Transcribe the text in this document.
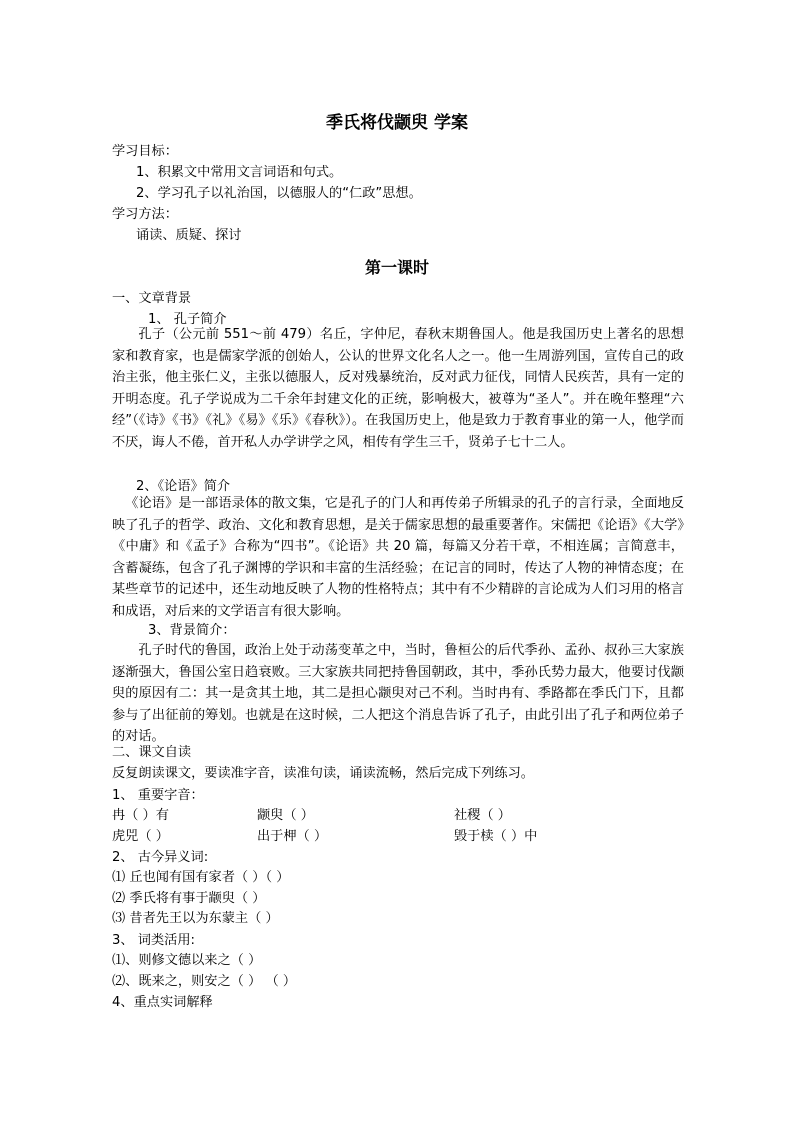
季氏将伐颛臾 学案
学习目标：
1、积累文中常用文言词语和句式。
2、学习孔子以礼治国，以德服人的“仁政”思想。
学习方法：
诵读、质疑、探讨
第一课时
一、文章背景
1、 孔子简介
孔子（公元前 551～前 479）名丘，字仲尼，春秋末期鲁国人。他是我国历史上著名的思想家和教育家，也是儒家学派的创始人，公认的世界文化名人之一。他一生周游列国，宣传自己的政治主张，他主张仁义，主张以德服人，反对残暴统治，反对武力征伐，同情人民疾苦，具有一定的开明态度。孔子学说成为二千余年封建文化的正统，影响极大，被尊为“圣人”。并在晚年整理“六经”（《诗》《书》《礼》《易》《乐》《春秋》）。在我国历史上，他是致力于教育事业的第一人，他学而不厌，诲人不倦，首开私人办学讲学之风，相传有学生三千，贤弟子七十二人。
2、《论语》简介
《论语》是一部语录体的散文集，它是孔子的门人和再传弟子所辑录的孔子的言行录，全面地反映了孔子的哲学、政治、文化和教育思想，是关于儒家思想的最重要著作。宋儒把《论语》《大学》《中庸》和《孟子》合称为“四书”。《论语》共 20 篇，每篇又分若干章，不相连属；言简意丰，含蓄凝练，包含了孔子渊博的学识和丰富的生活经验；在记言的同时，传达了人物的神情态度；在某些章节的记述中，还生动地反映了人物的性格特点；其中有不少精辟的言论成为人们习用的格言和成语，对后来的文学语言有很大影响。
3、背景简介：
孔子时代的鲁国，政治上处于动荡变革之中，当时，鲁桓公的后代季孙、孟孙、叔孙三大家族逐渐强大，鲁国公室日趋衰败。三大家族共同把持鲁国朝政，其中，季孙氏势力最大，他要讨伐颛臾的原因有二：其一是贪其土地，其二是担心颛臾对己不利。当时冉有、季路都在季氏门下，且都参与了出征前的筹划。也就是在这时候，二人把这个消息告诉了孔子，由此引出了孔子和两位弟子的对话。
二、课文自读
反复朗读课文，要读准字音，读准句读，诵读流畅，然后完成下列练习。
1、 重要字音：
冉（ ）有	颛臾（ ）	社稷（ ）
虎兕（ ）	出于柙（ ）	毁于椟（ ）中
2、 古今异义词:
⑴ 丘也闻有国有家者（ ）（ ）
⑵ 季氏将有事于颛臾（ ）
⑶ 昔者先王以为东蒙主（ ）
3、 词类活用:
⑴、则修文德以来之（ ）
⑵、既来之，则安之（ ） （ ）
4、重点实词解释
